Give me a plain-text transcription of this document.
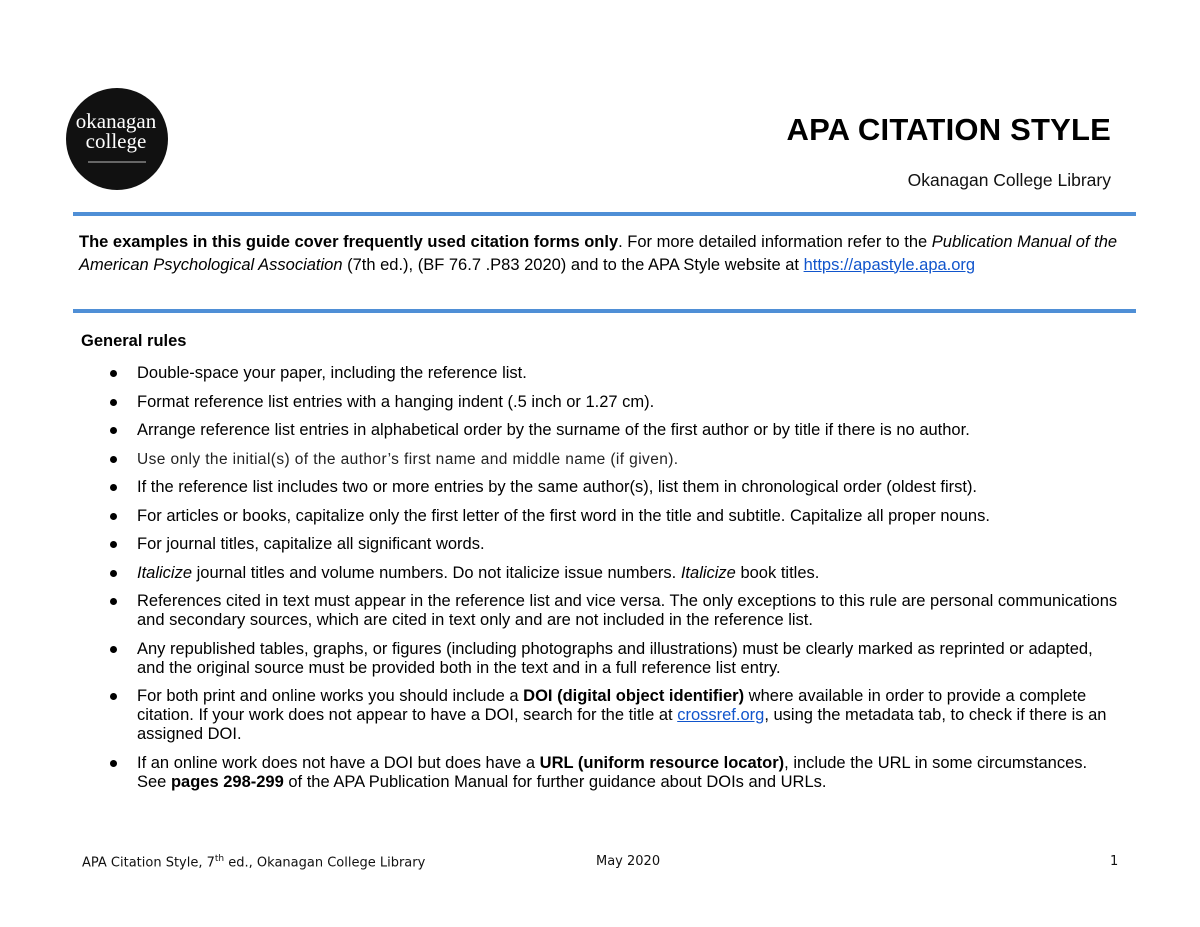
okanagan
college	APA CITATION STYLE
Okanagan College Library
The examples in this guide cover frequently used citation forms only. For more detailed information refer to the Publication Manual of the American Psychological Association (7th ed.), (BF 76.7 .P83 2020) and to the APA Style website at https://apastyle.apa.org
General rules
Double-space your paper, including the reference list.
Format reference list entries with a hanging indent (.5 inch or 1.27 cm).
Arrange reference list entries in alphabetical order by the surname of the first author or by title if there is no author.
Use only the initial(s) of the author’s first name and middle name (if given).
If the reference list includes two or more entries by the same author(s), list them in chronological order (oldest first).
For articles or books, capitalize only the first letter of the first word in the title and subtitle. Capitalize all proper nouns.
For journal titles, capitalize all significant words.
Italicize journal titles and volume numbers. Do not italicize issue numbers. Italicize book titles.
References cited in text must appear in the reference list and vice versa. The only exceptions to this rule are personal communications and secondary sources, which are cited in text only and are not included in the reference list.
Any republished tables, graphs, or figures (including photographs and illustrations) must be clearly marked as reprinted or adapted, and the original source must be provided both in the text and in a full reference list entry.
For both print and online works you should include a DOI (digital object identifier) where available in order to provide a complete citation. If your work does not appear to have a DOI, search for the title at crossref.org, using the metadata tab, to check if there is an assigned DOI.
If an online work does not have a DOI but does have a URL (uniform resource locator), include the URL in some circumstances. See pages 298-299 of the APA Publication Manual for further guidance about DOIs and URLs.
APA Citation Style, 7th ed., Okanagan College Library	May 2020	1
